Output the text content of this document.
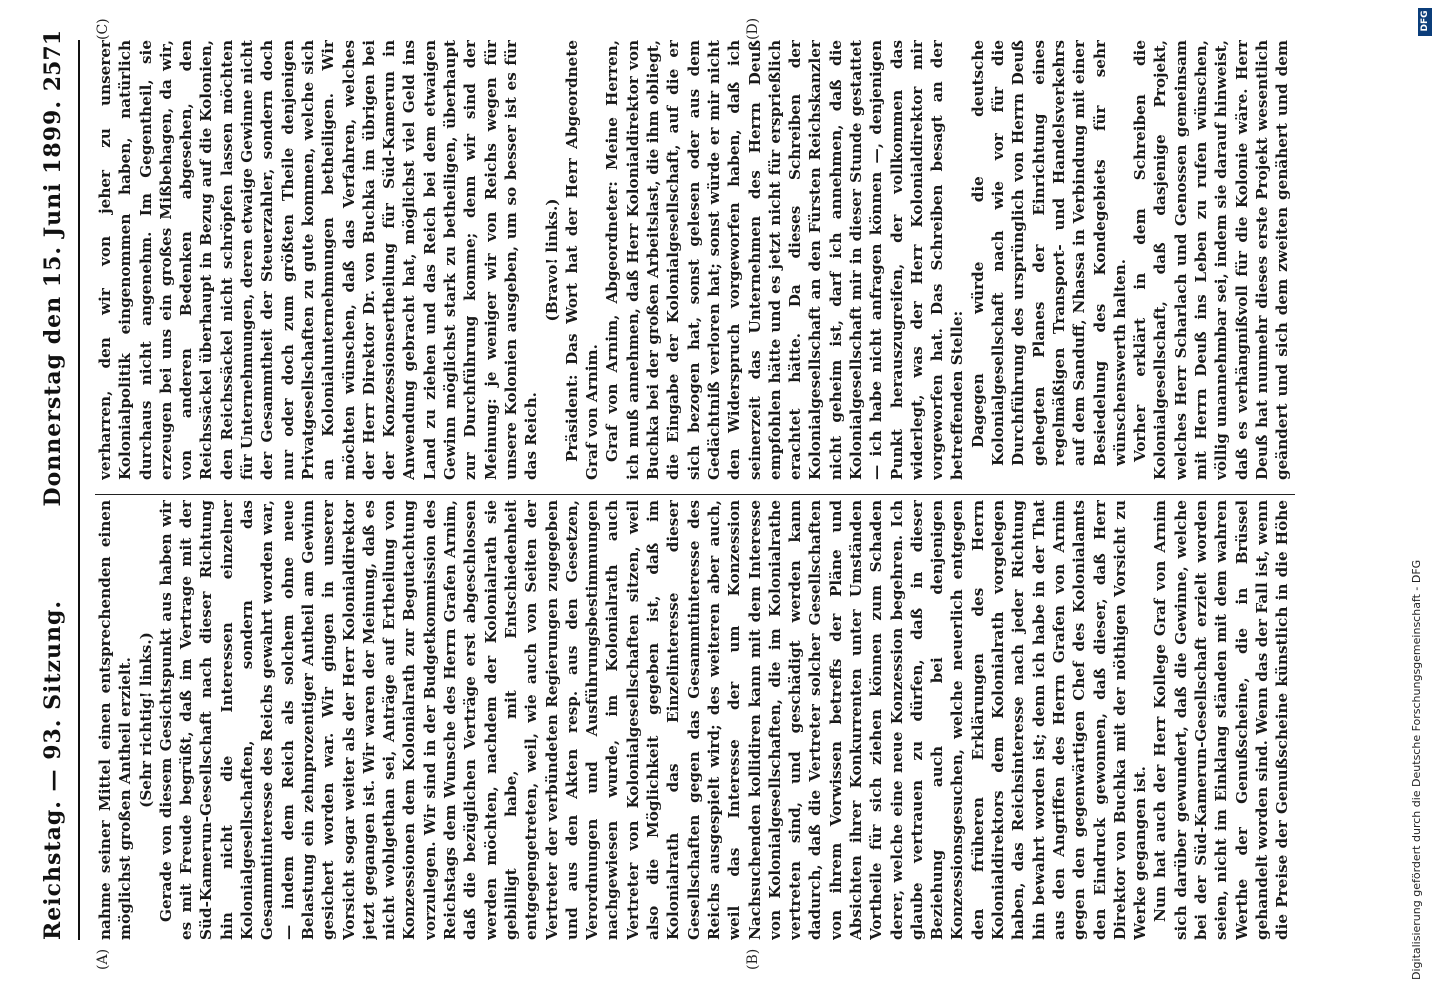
Reichstag. — 93. Sitzung.
Donnerstag den 15. Juni 1899.
2571
(A)	(B)
(C)	(D)

nahme seiner Mittel einen entsprechenden einen möglichst großen Antheil erzielt. (Sehr richtig! links.) Gerade von diesem Gesichtspunkt aus haben wir es mit Freude begrüßt, daß im Vertrage mit der Süd-Kamerun-Gesellschaft nach dieser Richtung hin nicht die Interessen einzelner Kolonialgesellschaften, sondern das Gesammtinteresse des Reichs gewahrt worden war, — indem dem Reich als solchem ohne neue Belastung ein zehnprozentiger Antheil am Gewinn gesichert worden war. Wir gingen in unserer Vorsicht sogar weiter als der Herr Kolonialdirektor jetzt gegangen ist. Wir waren der Meinung, daß es nicht wohlgethan sei, Anträge auf Ertheilung von Konzessionen dem Kolonialrath zur Begutachtung vorzulegen. Wir sind in der Budgetkommission des Reichstags dem Wunsche des Herrn Grafen Arnim, daß die bezüglichen Verträge erst abgeschlossen werden möchten, nachdem der Kolonialrath sie gebilligt habe, mit Entschiedenheit entgegengetreten, weil, wie auch von Seiten der Vertreter der verbündeten Regierungen zugegeben und aus den Akten resp. aus den Gesetzen, Verordnungen und Ausführungsbestimmungen nachgewiesen wurde, im Kolonialrath auch Vertreter von Kolonialgesellschaften sitzen, weil also die Möglichkeit gegeben ist, daß im Kolonialrath das Einzelinteresse dieser Gesellschaften gegen das Gesammtinteresse des Reichs ausgespielt wird; des weiteren aber auch, weil das Interesse der um Konzession Nachsuchenden kollidiren kann mit dem Interesse von Kolonialgesellschaften, die im Kolonialrathe vertreten sind, und geschädigt werden kann dadurch, daß die Vertreter solcher Gesellschaften von ihrem Vorwissen betreffs der Pläne und Absichten ihrer Konkurrenten unter Umständen Vortheile für sich ziehen können zum Schaden derer, welche eine neue Konzession begehren. Ich glaube vertrauen zu dürfen, daß in dieser Beziehung auch bei denjenigen Konzessionsgesuchen, welche neuerlich entgegen den früheren Erklärungen des Herrn Kolonialdirektors dem Kolonialrath vorgelegen haben, das Reichsinteresse nach jeder Richtung hin bewahrt worden ist; denn ich habe in der That aus den Angriffen des Herrn Grafen von Arnim gegen den gegenwärtigen Chef des Kolonialamts den Eindruck gewonnen, daß dieser, daß Herr Direktor von Buchka mit der nöthigen Vorsicht zu Werke gegangen ist. Nun hat auch der Herr Kollege Graf von Arnim sich darüber gewundert, daß die Gewinne, welche bei der Süd-Kamerun-Gesellschaft erzielt worden seien, nicht im Einklang ständen mit dem wahren Werthe der Genußscheine, die in Brüssel gehandelt worden sind. Wenn das der Fall ist, wenn die Preise der Genußscheine künstlich in die Höhe

verharren, den wir von jeher zu unserer Kolonialpolitik eingenommen haben, natürlich durchaus nicht angenehm. Im Gegentheil, sie erzeugen bei uns ein großes Mißbehagen, da wir, von anderen Bedenken abgesehen, den Reichssäckel überhaupt in Bezug auf die Kolonien, den Reichssäckel nicht schröpfen lassen möchten für Unternehmungen, deren etwaige Gewinne nicht der Gesammtheit der Steuerzahler, sondern doch nur oder doch zum größten Theile denjenigen Privatgesellschaften zu gute kommen, welche sich an Kolonialunternehmungen betheiligen. Wir möchten wünschen, daß das Verfahren, welches der Herr Direktor Dr. von Buchka im übrigen bei der Konzessionsertheilung für Süd-Kamerun in Anwendung gebracht hat, möglichst viel Geld ins Land zu ziehen und das Reich bei dem etwaigen Gewinn möglichst stark zu betheiligen, überhaupt zur Durchführung komme; denn wir sind der Meinung: je weniger wir von Reichs wegen für unsere Kolonien ausgeben, um so besser ist es für das Reich.

(Bravo! links.) Präsident: Das Wort hat der Herr Abgeordnete Graf von Arnim. Graf von Arnim, Abgeordneter: Meine Herren, ich muß annehmen, daß Herr Kolonialdirektor von Buchka bei der großen Arbeitslast, die ihm obliegt, die Eingabe der Kolonialgesellschaft, auf die er sich bezogen hat, sonst gelesen oder aus dem Gedächtniß verloren hat; sonst würde er mir nicht den Widerspruch vorgeworfen haben, daß ich seinerzeit das Unternehmen des Herrn Deuß empfohlen hätte und es jetzt nicht für ersprießlich erachtet hätte. Da dieses Schreiben der Kolonialgesellschaft an den Fürsten Reichskanzler nicht geheim ist, darf ich annehmen, daß die Kolonialgesellschaft mir in dieser Stunde gestattet — ich habe nicht anfragen können —, denjenigen Punkt herauszugreifen, der vollkommen das widerlegt, was der Herr Kolonialdirektor mir vorgeworfen hat. Das Schreiben besagt an der betreffenden Stelle: Dagegen würde die deutsche Kolonialgesellschaft nach wie vor für die Durchführung des ursprünglich von Herrn Deuß gehegten Planes der Einrichtung eines regelmäßigen Transport- und Handelsverkehrs auf dem Sanduff, Nhassa in Verbindung mit einer Besiedelung des Kondegebiets für sehr wünschenswerth halten. Vorher erklärt in dem Schreiben die Kolonialgesellschaft, daß dasjenige Projekt, welches Herr Scharlach und Genossen gemeinsam mit Herrn Deuß ins Leben zu rufen wünschen, völlig unannehmbar sei, indem sie darauf hinweist, daß es verhängnißvoll für die Kolonie wäre. Herr Deuß hat nunmehr dieses erste Projekt wesentlich geändert und sich dem zweiten genähert und dem

Digitalisierung gefördert durch die Deutsche Forschungsgemeinschaft - DFG
DFG
